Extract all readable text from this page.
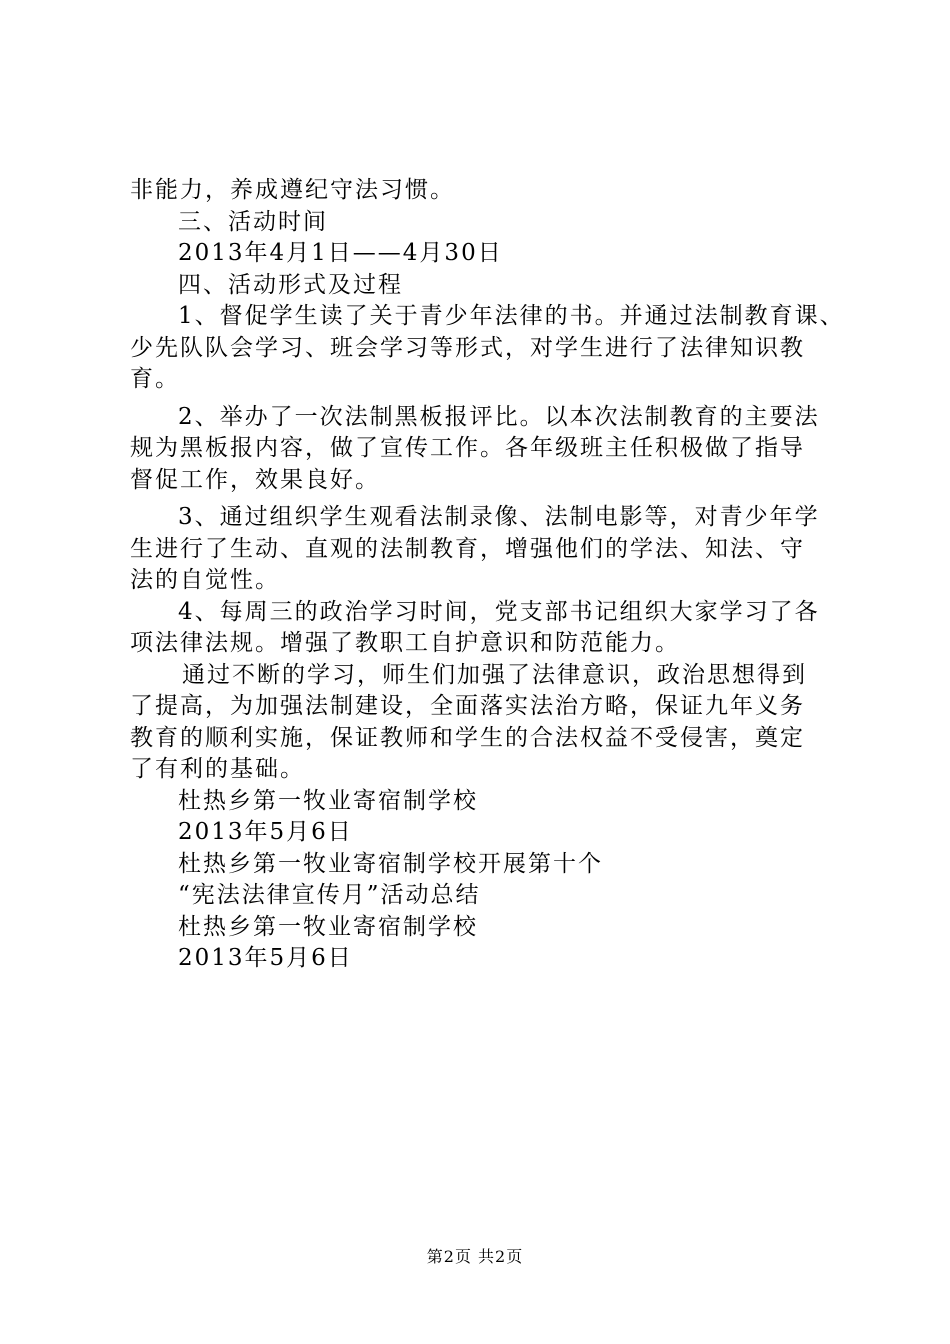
非能力，养成遵纪守法习惯。
三、活动时间
2013年4月1日——4月30日
四、活动形式及过程
1、督促学生读了关于青少年法律的书。并通过法制教育课、
少先队队会学习、班会学习等形式，对学生进行了法律知识教
育。
2、举办了一次法制黑板报评比。以本次法制教育的主要法
规为黑板报内容，做了宣传工作。各年级班主任积极做了指导
督促工作，效果良好。
3、通过组织学生观看法制录像、法制电影等，对青少年学
生进行了生动、直观的法制教育，增强他们的学法、知法、守
法的自觉性。
4、每周三的政治学习时间，党支部书记组织大家学习了各
项法律法规。增强了教职工自护意识和防范能力。
通过不断的学习，师生们加强了法律意识，政治思想得到
了提高，为加强法制建设，全面落实法治方略，保证九年义务
教育的顺利实施，保证教师和学生的合法权益不受侵害，奠定
了有利的基础。
杜热乡第一牧业寄宿制学校
2013年5月6日
杜热乡第一牧业寄宿制学校开展第十个
“宪法法律宣传月”活动总结
杜热乡第一牧业寄宿制学校
2013年5月6日
第2页 共2页
